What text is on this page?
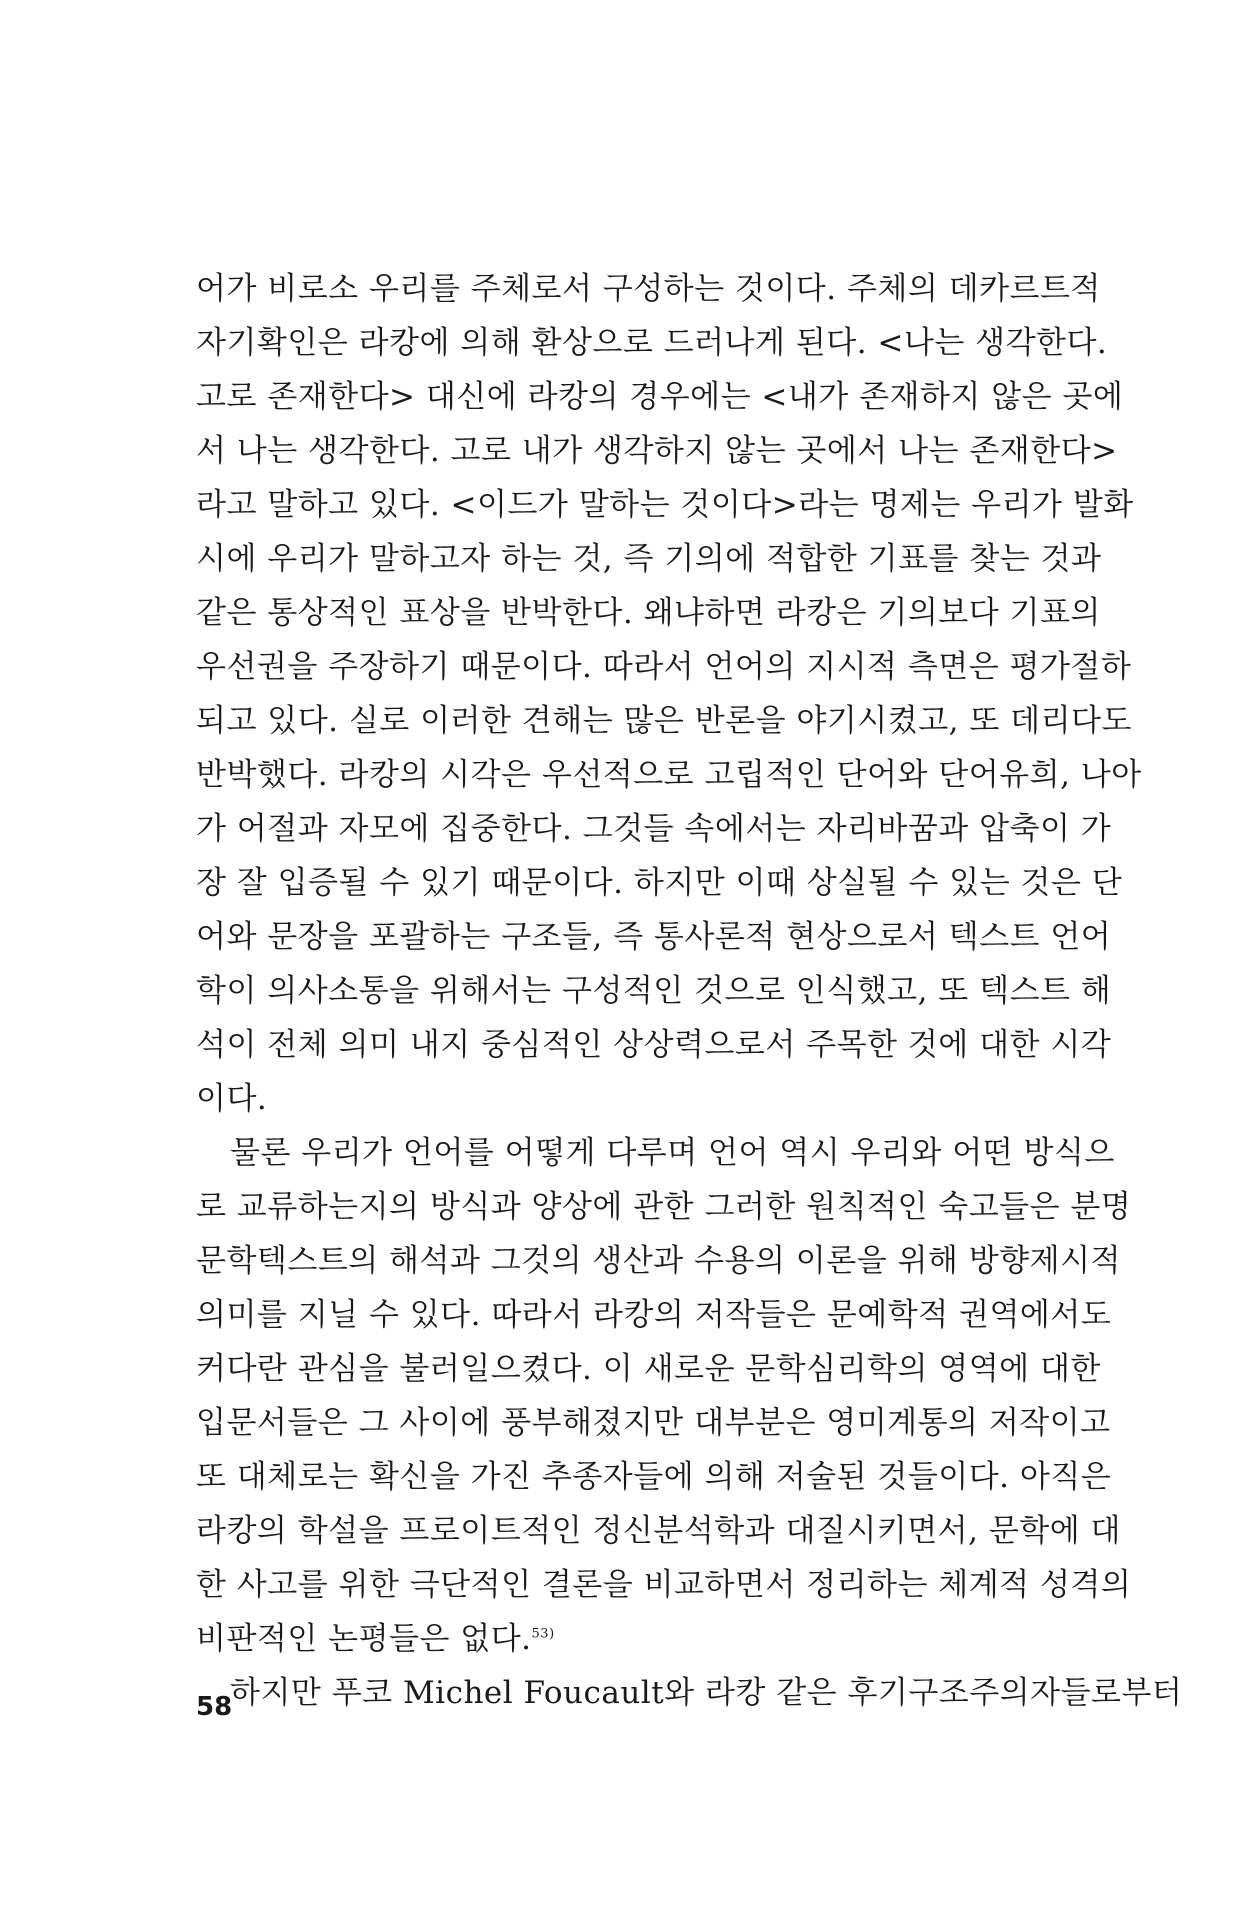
어가 비로소 우리를 주체로서 구성하는 것이다. 주체의 데카르트적
자기확인은 라캉에 의해 환상으로 드러나게 된다. <나는 생각한다.
고로 존재한다> 대신에 라캉의 경우에는 <내가 존재하지 않은 곳에
서 나는 생각한다. 고로 내가 생각하지 않는 곳에서 나는 존재한다>
라고 말하고 있다. <이드가 말하는 것이다>라는 명제는 우리가 발화
시에 우리가 말하고자 하는 것, 즉 기의에 적합한 기표를 찾는 것과
같은 통상적인 표상을 반박한다. 왜냐하면 라캉은 기의보다 기표의
우선권을 주장하기 때문이다. 따라서 언어의 지시적 측면은 평가절하
되고 있다. 실로 이러한 견해는 많은 반론을 야기시켰고, 또 데리다도
반박했다. 라캉의 시각은 우선적으로 고립적인 단어와 단어유희, 나아
가 어절과 자모에 집중한다. 그것들 속에서는 자리바꿈과 압축이 가
장 잘 입증될 수 있기 때문이다. 하지만 이때 상실될 수 있는 것은 단
어와 문장을 포괄하는 구조들, 즉 통사론적 현상으로서 텍스트 언어
학이 의사소통을 위해서는 구성적인 것으로 인식했고, 또 텍스트 해
석이 전체 의미 내지 중심적인 상상력으로서 주목한 것에 대한 시각
이다.
물론 우리가 언어를 어떻게 다루며 언어 역시 우리와 어떤 방식으
로 교류하는지의 방식과 양상에 관한 그러한 원칙적인 숙고들은 분명
문학텍스트의 해석과 그것의 생산과 수용의 이론을 위해 방향제시적
의미를 지닐 수 있다. 따라서 라캉의 저작들은 문예학적 권역에서도
커다란 관심을 불러일으켰다. 이 새로운 문학심리학의 영역에 대한
입문서들은 그 사이에 풍부해졌지만 대부분은 영미계통의 저작이고
또 대체로는 확신을 가진 추종자들에 의해 저술된 것들이다. 아직은
라캉의 학설을 프로이트적인 정신분석학과 대질시키면서, 문학에 대
한 사고를 위한 극단적인 결론을 비교하면서 정리하는 체계적 성격의
비판적인 논평들은 없다.$^{53)}$
하지만 푸코 Michel Foucault와 라캉 같은 후기구조주의자들로부터
58
